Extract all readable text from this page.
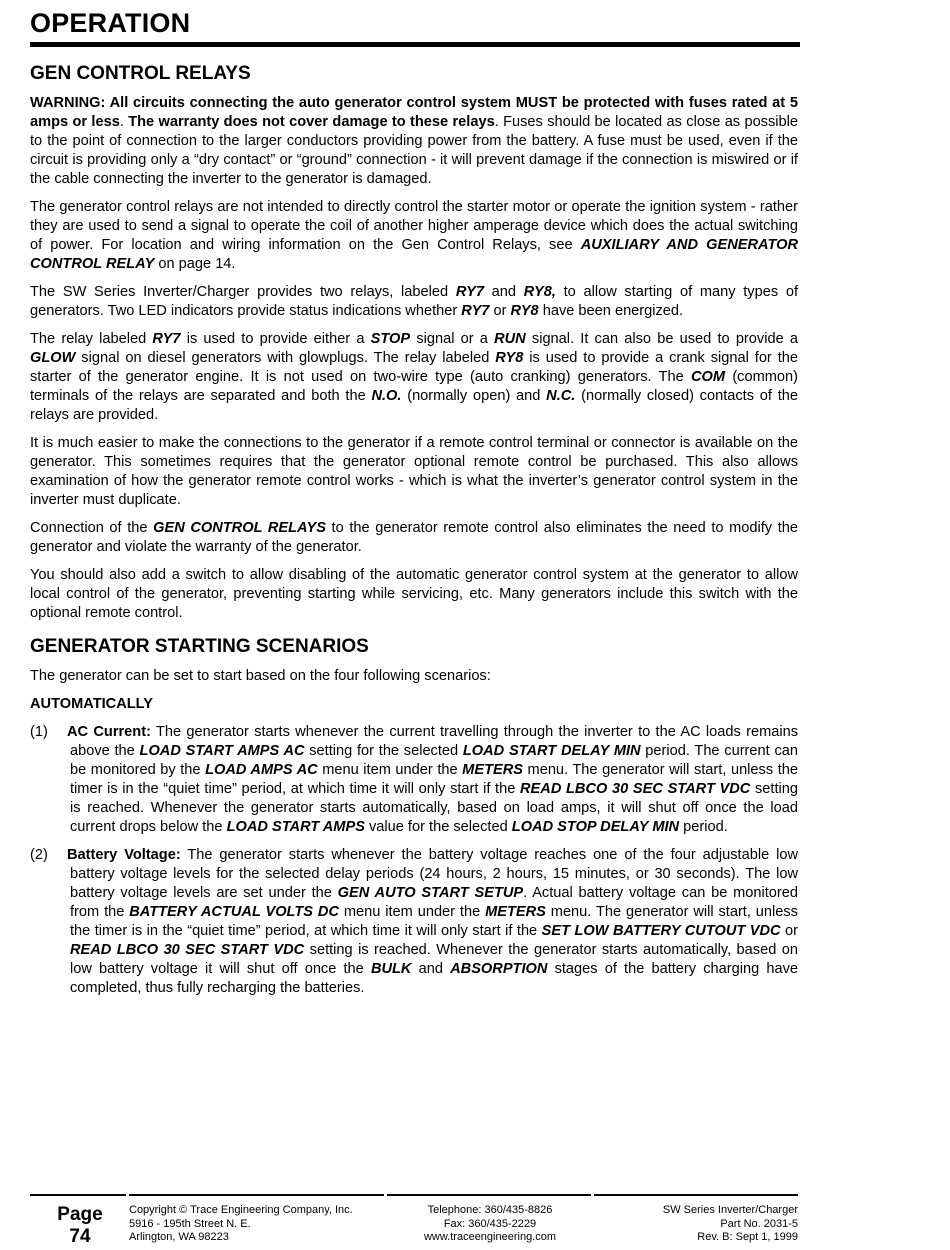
OPERATION
GEN CONTROL RELAYS

WARNING: All circuits connecting the auto generator control system MUST be protected with fuses rated at 5 amps or less. The warranty does not cover damage to these relays. Fuses should be located as close as possible to the point of connection to the larger conductors providing power from the battery. A fuse must be used, even if the circuit is providing only a “dry contact” or “ground” connection - it will prevent damage if the connection is miswired or if the cable connecting the inverter to the generator is damaged.

The generator control relays are not intended to directly control the starter motor or operate the ignition system - rather they are used to send a signal to operate the coil of another higher amperage device which does the actual switching of power. For location and wiring information on the Gen Control Relays, see AUXILIARY AND GENERATOR CONTROL RELAY on page 14.

The SW Series Inverter/Charger provides two relays, labeled RY7 and RY8, to allow starting of many types of generators. Two LED indicators provide status indications whether RY7 or RY8 have been energized.

The relay labeled RY7 is used to provide either a STOP signal or a RUN signal. It can also be used to provide a GLOW signal on diesel generators with glowplugs. The relay labeled RY8 is used to provide a crank signal for the starter of the generator engine. It is not used on two-wire type (auto cranking) generators. The COM (common) terminals of the relays are separated and both the N.O. (normally open) and N.C. (normally closed) contacts of the relays are provided.

It is much easier to make the connections to the generator if a remote control terminal or connector is available on the generator. This sometimes requires that the generator optional remote control be purchased. This also allows examination of how the generator remote control works - which is what the inverter’s generator control system in the inverter must duplicate.

Connection of the GEN CONTROL RELAYS to the generator remote control also eliminates the need to modify the generator and violate the warranty of the generator.

You should also add a switch to allow disabling of the automatic generator control system at the generator to allow local control of the generator, preventing starting while servicing, etc. Many generators include this switch with the optional remote control.

GENERATOR STARTING SCENARIOS

The generator can be set to start based on the four following scenarios:

AUTOMATICALLY
(1) AC Current: The generator starts whenever the current travelling through the inverter to the AC loads remains above the LOAD START AMPS AC setting for the selected LOAD START DELAY MIN period. The current can be monitored by the LOAD AMPS AC menu item under the METERS menu. The generator will start, unless the timer is in the “quiet time” period, at which time it will only start if the READ LBCO 30 SEC START VDC setting is reached. Whenever the generator starts automatically, based on load amps, it will shut off once the load current drops below the LOAD START AMPS value for the selected LOAD STOP DELAY MIN period.

(2) Battery Voltage: The generator starts whenever the battery voltage reaches one of the four adjustable low battery voltage levels for the selected delay periods (24 hours, 2 hours, 15 minutes, or 30 seconds). The low battery voltage levels are set under the GEN AUTO START SETUP. Actual battery voltage can be monitored from the BATTERY ACTUAL VOLTS DC menu item under the METERS menu. The generator will start, unless the timer is in the “quiet time” period, at which time it will only start if the SET LOW BATTERY CUTOUT VDC or READ LBCO 30 SEC START VDC setting is reached. Whenever the generator starts automatically, based on low battery voltage it will shut off once the BULK and ABSORPTION stages of the battery charging have completed, thus fully recharging the batteries.

Page
74
Copyright © Trace Engineering Company, Inc.
5916 - 195th Street N. E.
Arlington, WA 98223
Telephone: 360/435-8826
Fax: 360/435-2229
www.traceengineering.com
SW Series Inverter/Charger
Part No. 2031-5
Rev. B: Sept 1, 1999
